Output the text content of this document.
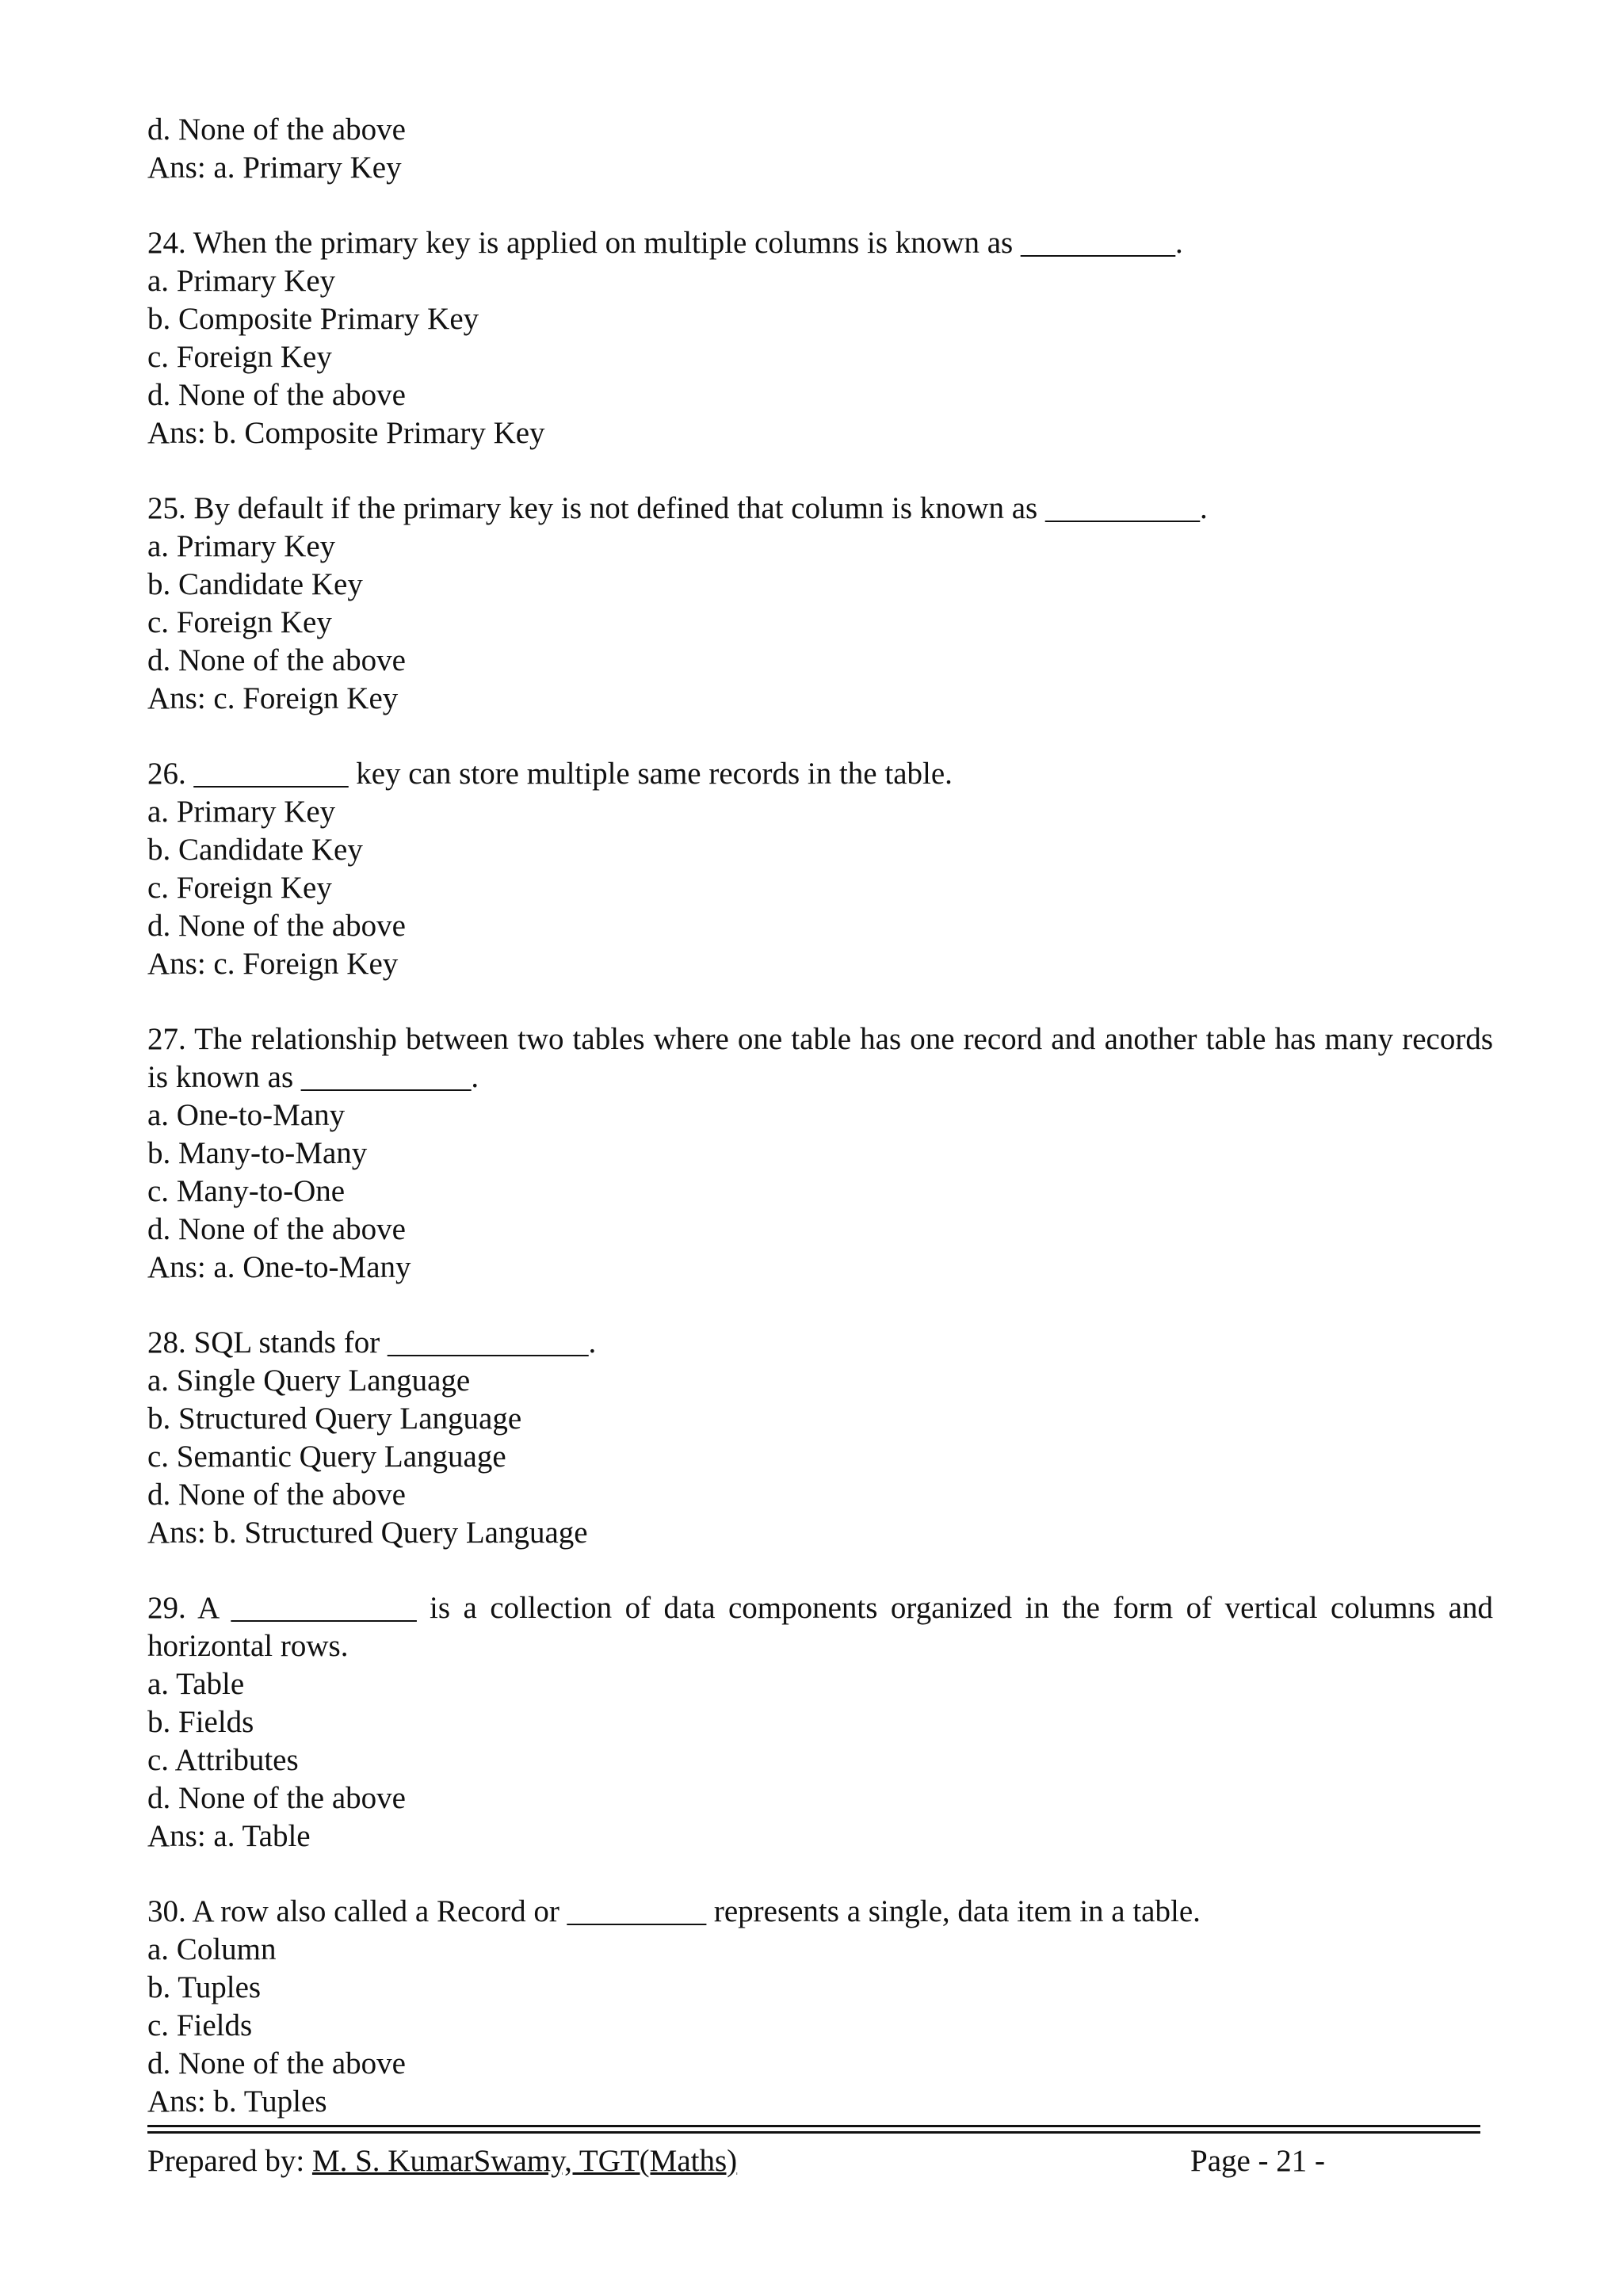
d. None of the above
Ans: a. Primary Key
24. When the primary key is applied on multiple columns is known as __________.
a. Primary Key
b. Composite Primary Key
c. Foreign Key
d. None of the above
Ans: b. Composite Primary Key
25. By default if the primary key is not defined that column is known as __________.
a. Primary Key
b. Candidate Key
c. Foreign Key
d. None of the above
Ans: c. Foreign Key
26. __________ key can store multiple same records in the table.
a. Primary Key
b. Candidate Key
c. Foreign Key
d. None of the above
Ans: c. Foreign Key
27. The relationship between two tables where one table has one record and another table has many records is known as ___________.
a. One-to-Many
b. Many-to-Many
c. Many-to-One
d. None of the above
Ans: a. One-to-Many
28. SQL stands for _____________.
a. Single Query Language
b. Structured Query Language
c. Semantic Query Language
d. None of the above
Ans: b. Structured Query Language
29. A ____________ is a collection of data components organized in the form of vertical columns and horizontal rows.
a. Table
b. Fields
c. Attributes
d. None of the above
Ans: a. Table
30. A row also called a Record or _________ represents a single, data item in a table.
a. Column
b. Tuples
c. Fields
d. None of the above
Ans: b. Tuples
Prepared by: M. S. KumarSwamy, TGT(Maths)	Page - 21 -
